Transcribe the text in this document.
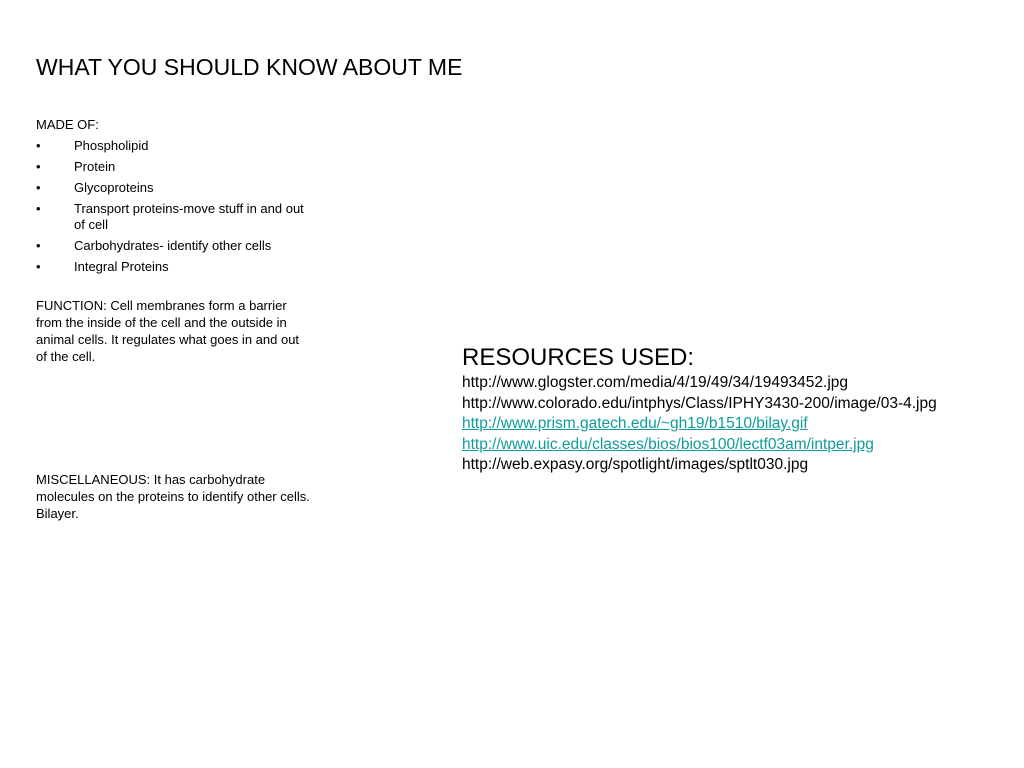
WHAT YOU SHOULD KNOW ABOUT ME

MADE OF:

•	Phospholipid
•	Protein
•	Glycoproteins
•	Transport proteins-move stuff in and out of cell
•	Carbohydrates- identify other cells
•	Integral Proteins

FUNCTION: Cell membranes form a barrier from the inside of the cell and the outside in animal cells. It regulates what goes in and out of the cell.

MISCELLANEOUS: It has carbohydrate molecules on the proteins to identify other cells. Bilayer.

RESOURCES USED:
http://www.glogster.com/media/4/19/49/34/19493452.jpg
http://www.colorado.edu/intphys/Class/IPHY3430-200/image/03-4.jpg
http://www.prism.gatech.edu/~gh19/b1510/bilay.gif
http://www.uic.edu/classes/bios/bios100/lectf03am/intper.jpg
http://web.expasy.org/spotlight/images/sptlt030.jpg
